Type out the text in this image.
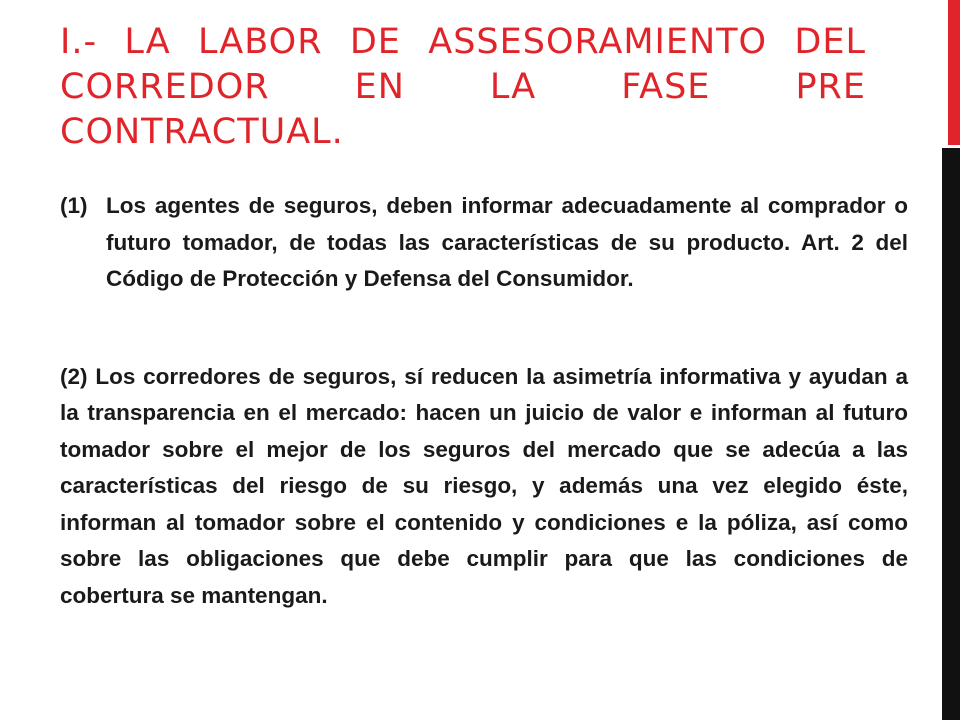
I.- LA LABOR DE ASSESORAMIENTO DEL CORREDOR EN LA FASE PRE CONTRACTUAL.
(1) Los agentes de seguros, deben informar adecuadamente al comprador o futuro tomador, de todas las características de su producto. Art. 2 del Código de Protección y Defensa del Consumidor.
(2) Los corredores de seguros, sí reducen la asimetría informativa y ayudan a la transparencia en el mercado: hacen un juicio de valor e informan al futuro tomador sobre el mejor de los seguros del mercado que se adecúa a las características del riesgo de su riesgo, y además una vez elegido éste, informan al tomador sobre el contenido y condiciones e la póliza, así como sobre las obligaciones que debe cumplir para que las condiciones de cobertura se mantengan.
